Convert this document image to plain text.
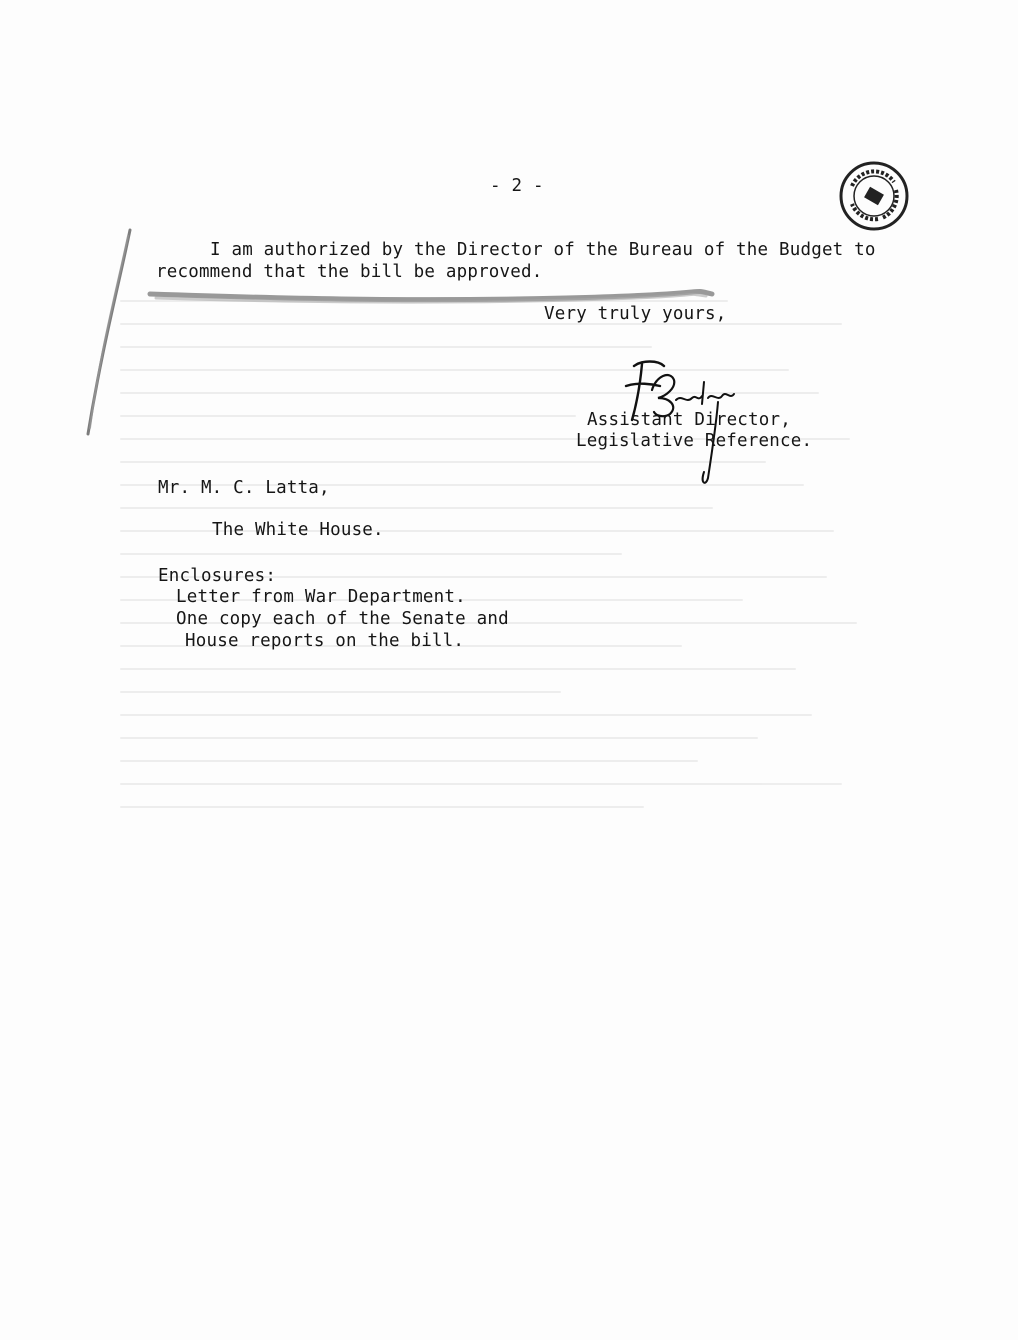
- 2 -
I am authorized by the Director of the Bureau of the Budget to
recommend that the bill be approved.
Very truly yours,
Assistant Director,
Legislative Reference.
Mr. M. C. Latta,
The White House.
Enclosures:
Letter from War Department.
One copy each of the Senate and
House reports on the bill.
